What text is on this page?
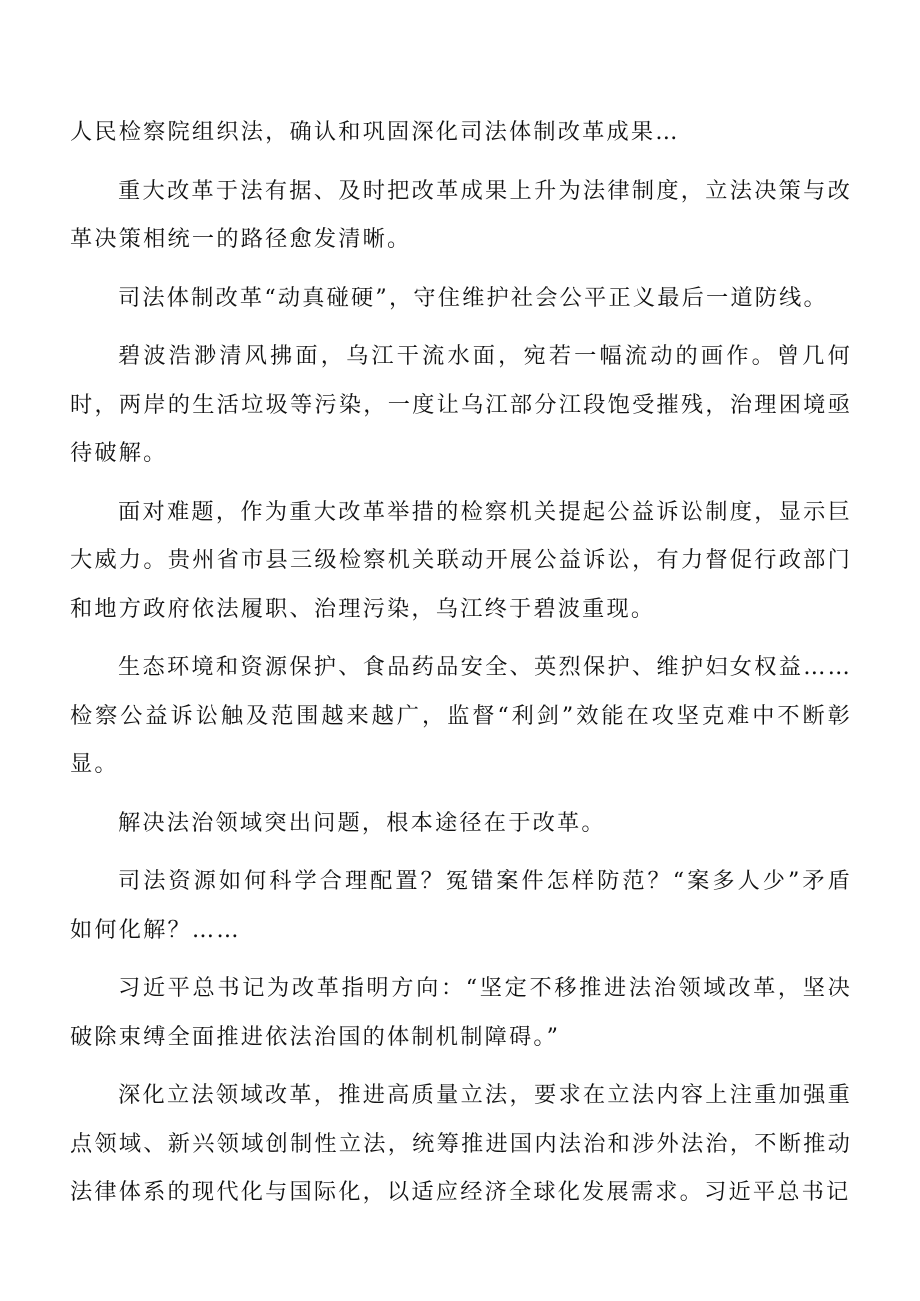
人民检察院组织法，确认和巩固深化司法体制改革成果…

重大改革于法有据、及时把改革成果上升为法律制度，立法决策与改革决策相统一的路径愈发清晰。

司法体制改革“动真碰硬”，守住维护社会公平正义最后一道防线。

碧波浩渺清风拂面，乌江干流水面，宛若一幅流动的画作。曾几何时，两岸的生活垃圾等污染，一度让乌江部分江段饱受摧残，治理困境亟待破解。

面对难题，作为重大改革举措的检察机关提起公益诉讼制度，显示巨大威力。贵州省市县三级检察机关联动开展公益诉讼，有力督促行政部门和地方政府依法履职、治理污染，乌江终于碧波重现。

生态环境和资源保护、食品药品安全、英烈保护、维护妇女权益……检察公益诉讼触及范围越来越广，监督“利剑”效能在攻坚克难中不断彰显。

解决法治领域突出问题，根本途径在于改革。

司法资源如何科学合理配置？冤错案件怎样防范？“案多人少”矛盾如何化解？……

习近平总书记为改革指明方向：“坚定不移推进法治领域改革，坚决破除束缚全面推进依法治国的体制机制障碍。”

深化立法领域改革，推进高质量立法，要求在立法内容上注重加强重点领域、新兴领域创制性立法，统筹推进国内法治和涉外法治，不断推动法律体系的现代化与国际化，以适应经济全球化发展需求。习近平总书记
